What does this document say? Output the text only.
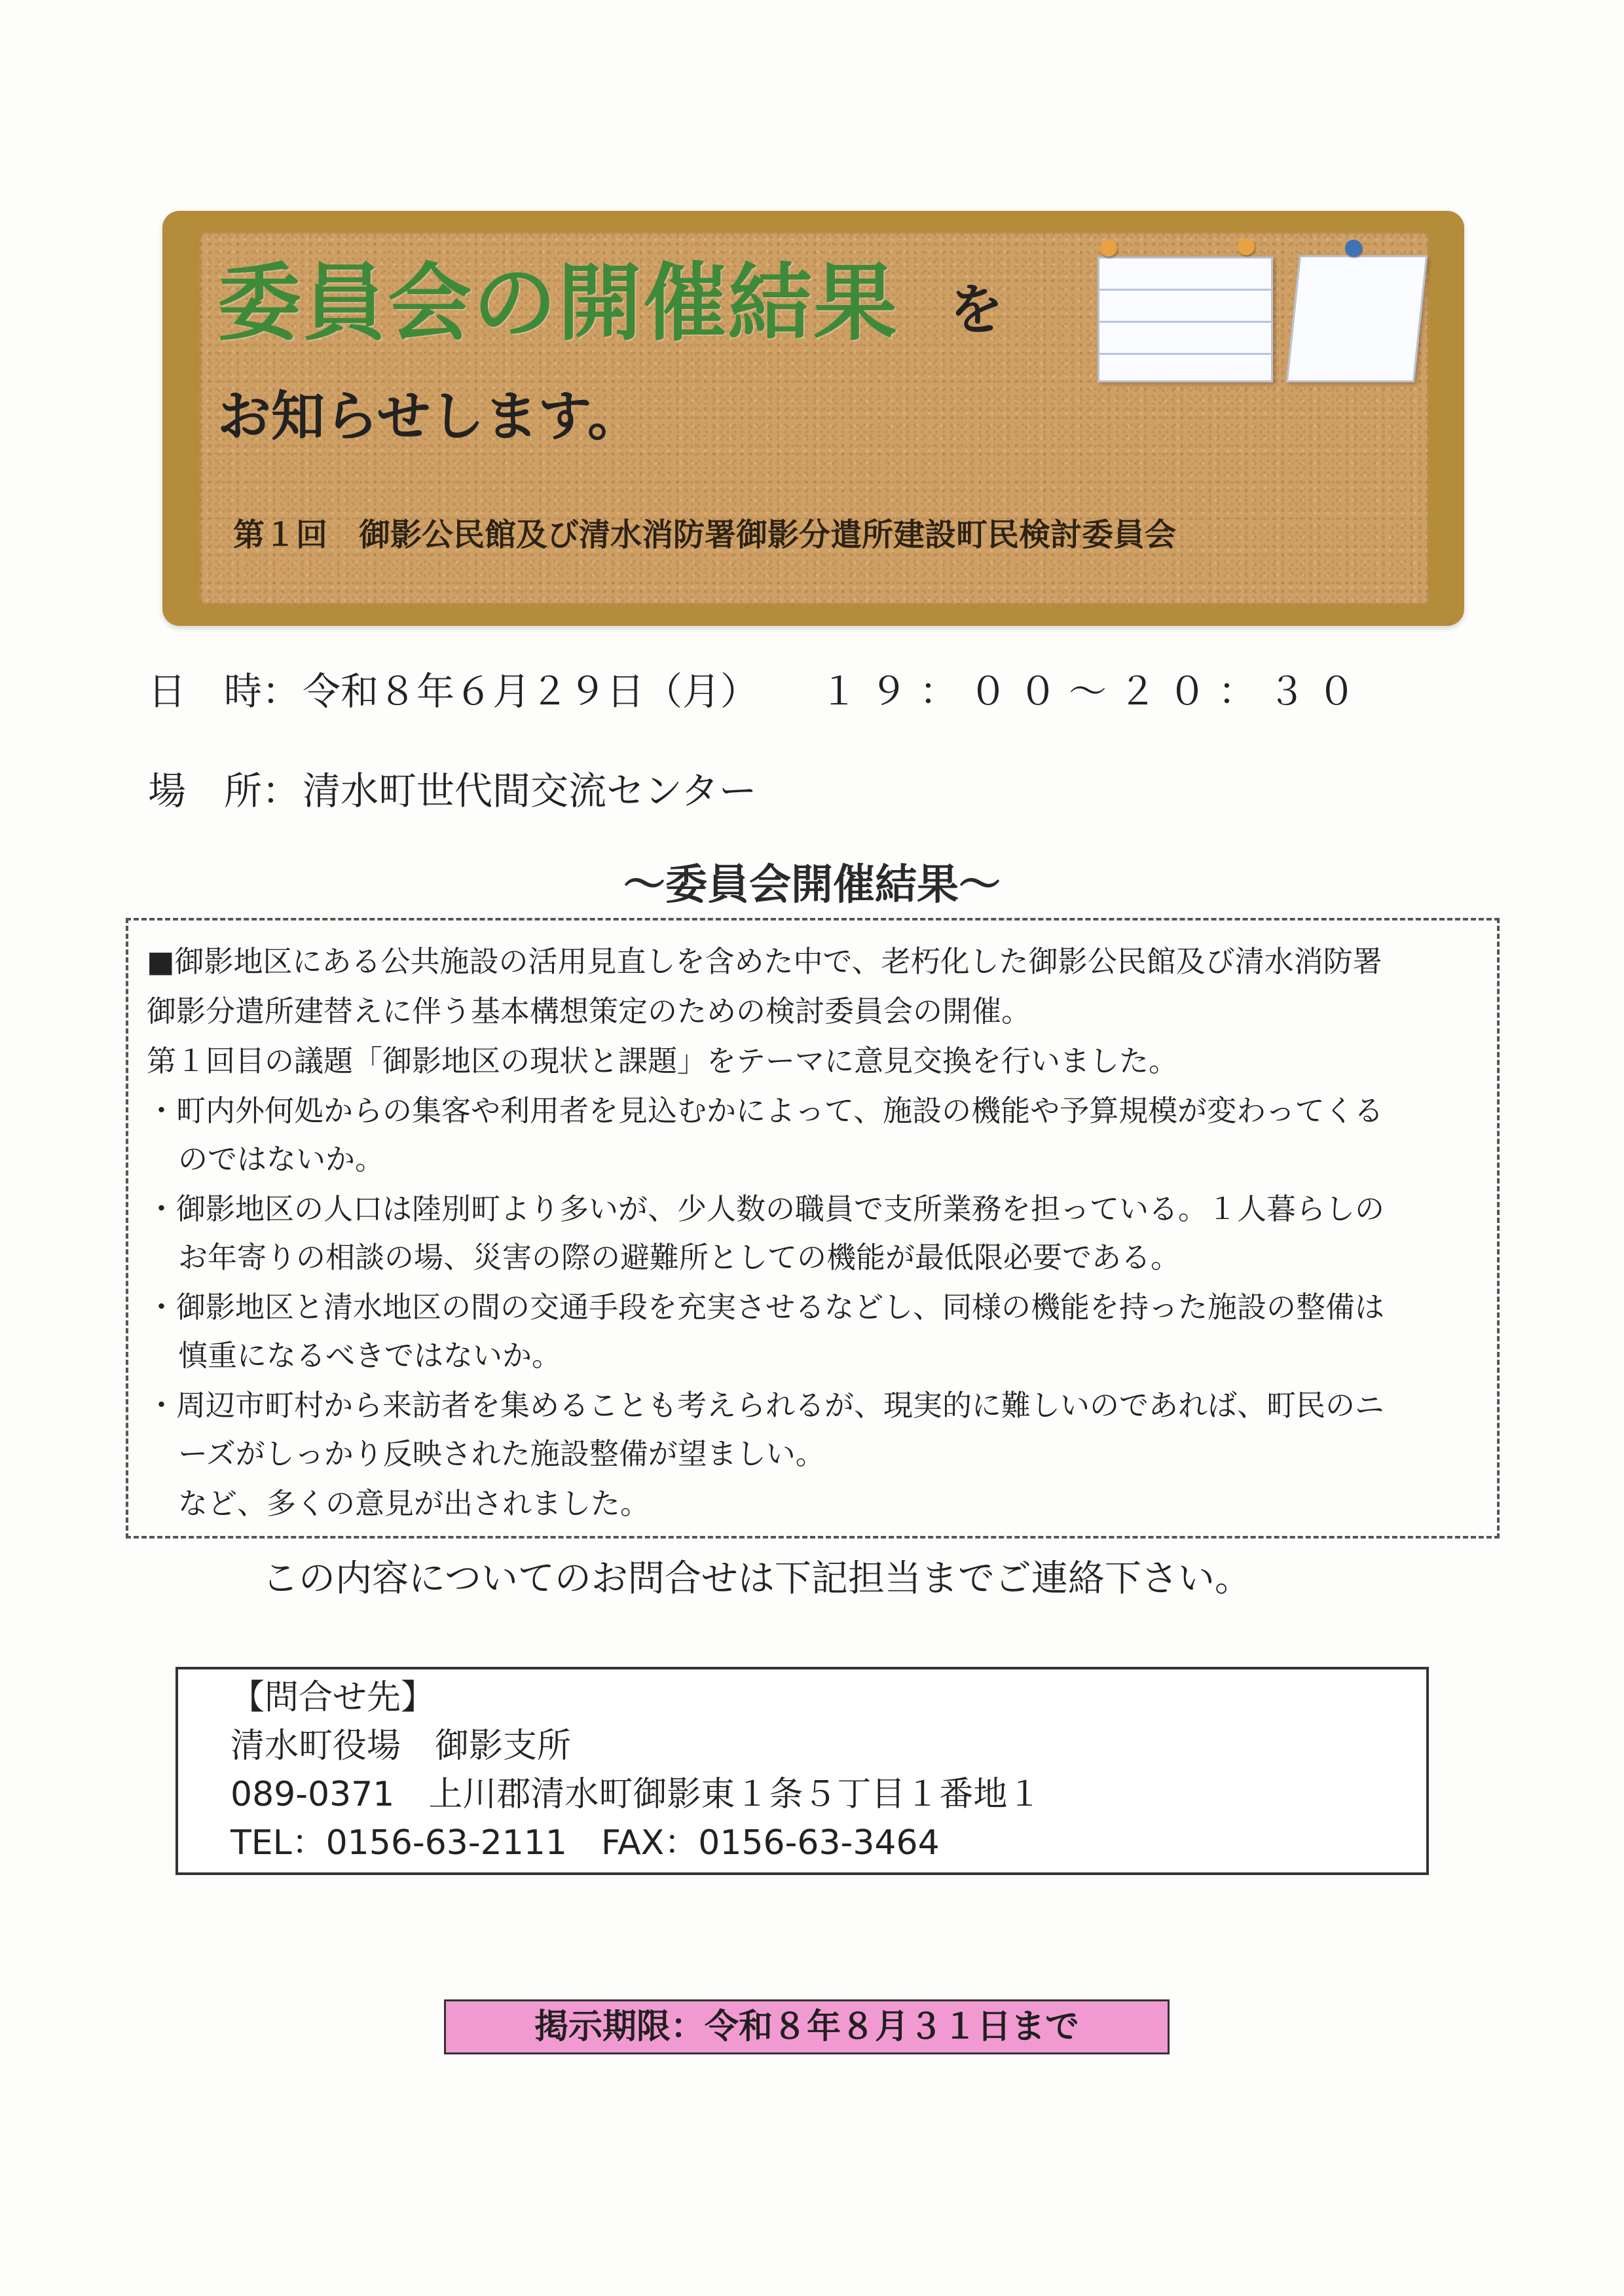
委員会の開催結果 を
お知らせします。
第１回　御影公民館及び清水消防署御影分遣所建設町民検討委員会
日　時： 令和８年６月２９日（月） １９：００～２０：３０
場　所： 清水町世代間交流センター
～委員会開催結果～
■御影地区にある公共施設の活用見直しを含めた中で、老朽化した御影公民館及び清水消防署
御影分遣所建替えに伴う基本構想策定のための検討委員会の開催。
第１回目の議題「御影地区の現状と課題」をテーマに意見交換を行いました。
・町内外何処からの集客や利用者を見込むかによって、施設の機能や予算規模が変わってくる
のではないか。
・御影地区の人口は陸別町より多いが、少人数の職員で支所業務を担っている。１人暮らしの
お年寄りの相談の場、災害の際の避難所としての機能が最低限必要である。
・御影地区と清水地区の間の交通手段を充実させるなどし、同様の機能を持った施設の整備は
慎重になるべきではないか。
・周辺市町村から来訪者を集めることも考えられるが、現実的に難しいのであれば、町民のニ
ーズがしっかり反映された施設整備が望ましい。
など、多くの意見が出されました。
この内容についてのお問合せは下記担当までご連絡下さい。
【問合せ先】
清水町役場　御影支所
089-0371　上川郡清水町御影東１条５丁目１番地１
TEL：0156-63-2111　FAX：0156-63-3464
掲示期限：令和８年８月３１日まで
